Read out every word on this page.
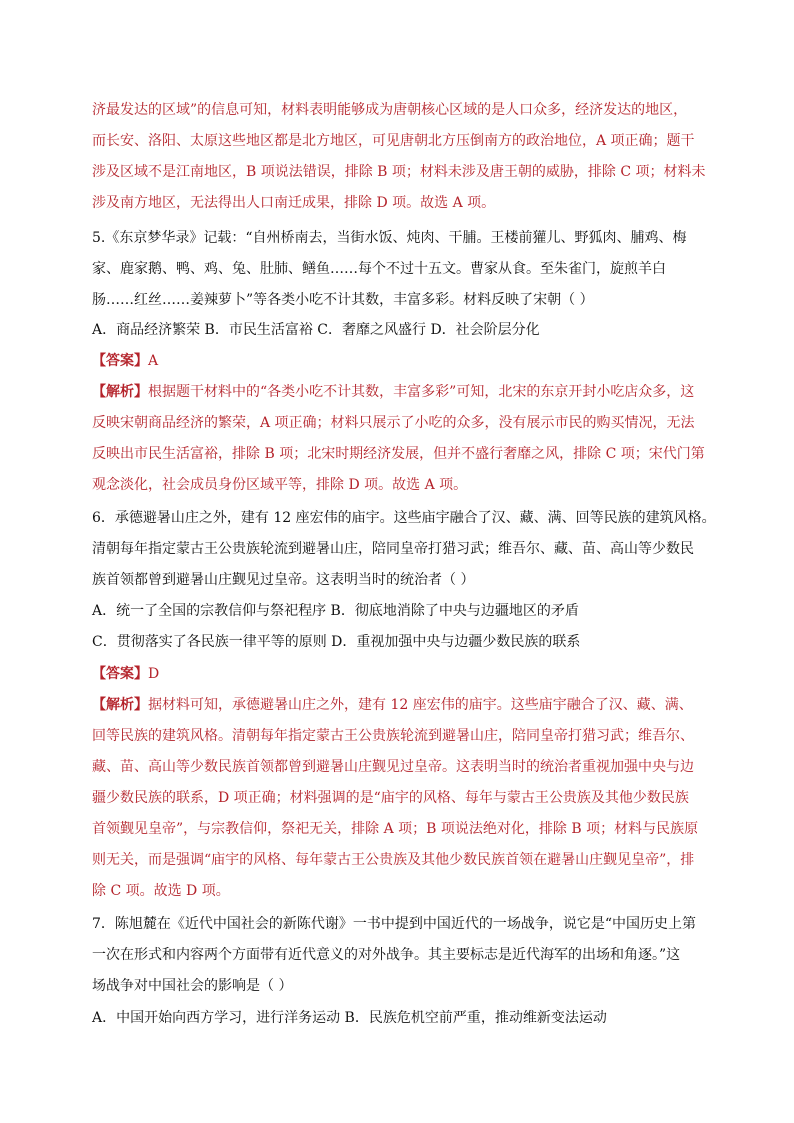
济最发达的区域”的信息可知，材料表明能够成为唐朝核心区域的是人口众多，经济发达的地区，
而长安、洛阳、太原这些地区都是北方地区，可见唐朝北方压倒南方的政治地位，A 项正确；题干
涉及区域不是江南地区，B 项说法错误，排除 B 项；材料未涉及唐王朝的威胁，排除 C 项；材料未
涉及南方地区，无法得出人口南迁成果，排除 D 项。故选 A 项。
5.《东京梦华录》记载：“自州桥南去，当街水饭、炖肉、干脯。王楼前獾儿、野狐肉、脯鸡、梅
家、鹿家鹅、鸭、鸡、兔、肚肺、鳝鱼……每个不过十五文。曹家从食。至朱雀门，旋煎羊白
肠……红丝……姜辣萝卜”等各类小吃不计其数，丰富多彩。材料反映了宋朝（ ）
A．商品经济繁荣 B．市民生活富裕 C．奢靡之风盛行 D．社会阶层分化
【答案】A
【解析】根据题干材料中的“各类小吃不计其数，丰富多彩”可知，北宋的东京开封小吃店众多，这
反映宋朝商品经济的繁荣，A 项正确；材料只展示了小吃的众多，没有展示市民的购买情况，无法
反映出市民生活富裕，排除 B 项；北宋时期经济发展，但并不盛行奢靡之风，排除 C 项；宋代门第
观念淡化，社会成员身份区域平等，排除 D 项。故选 A 项。
6．承德避暑山庄之外，建有 12 座宏伟的庙宇。这些庙宇融合了汉、藏、满、回等民族的建筑风格。
清朝每年指定蒙古王公贵族轮流到避暑山庄，陪同皇帝打猎习武；维吾尔、藏、苗、高山等少数民
族首领都曾到避暑山庄觐见过皇帝。这表明当时的统治者（ ）
A．统一了全国的宗教信仰与祭祀程序 B．彻底地消除了中央与边疆地区的矛盾
C．贯彻落实了各民族一律平等的原则 D．重视加强中央与边疆少数民族的联系
【答案】D
【解析】据材料可知，承德避暑山庄之外，建有 12 座宏伟的庙宇。这些庙宇融合了汉、藏、满、
回等民族的建筑风格。清朝每年指定蒙古王公贵族轮流到避暑山庄，陪同皇帝打猎习武；维吾尔、
藏、苗、高山等少数民族首领都曾到避暑山庄觐见过皇帝。这表明当时的统治者重视加强中央与边
疆少数民族的联系，D 项正确；材料强调的是“庙宇的风格、每年与蒙古王公贵族及其他少数民族
首领觐见皇帝”，与宗教信仰，祭祀无关，排除 A 项；B 项说法绝对化，排除 B 项；材料与民族原
则无关，而是强调“庙宇的风格、每年蒙古王公贵族及其他少数民族首领在避暑山庄觐见皇帝”，排
除 C 项。故选 D 项。
7．陈旭麓在《近代中国社会的新陈代谢》一书中提到中国近代的一场战争，说它是“中国历史上第
一次在形式和内容两个方面带有近代意义的对外战争。其主要标志是近代海军的出场和角逐。”这
场战争对中国社会的影响是（ ）
A．中国开始向西方学习，进行洋务运动 B．民族危机空前严重，推动维新变法运动
